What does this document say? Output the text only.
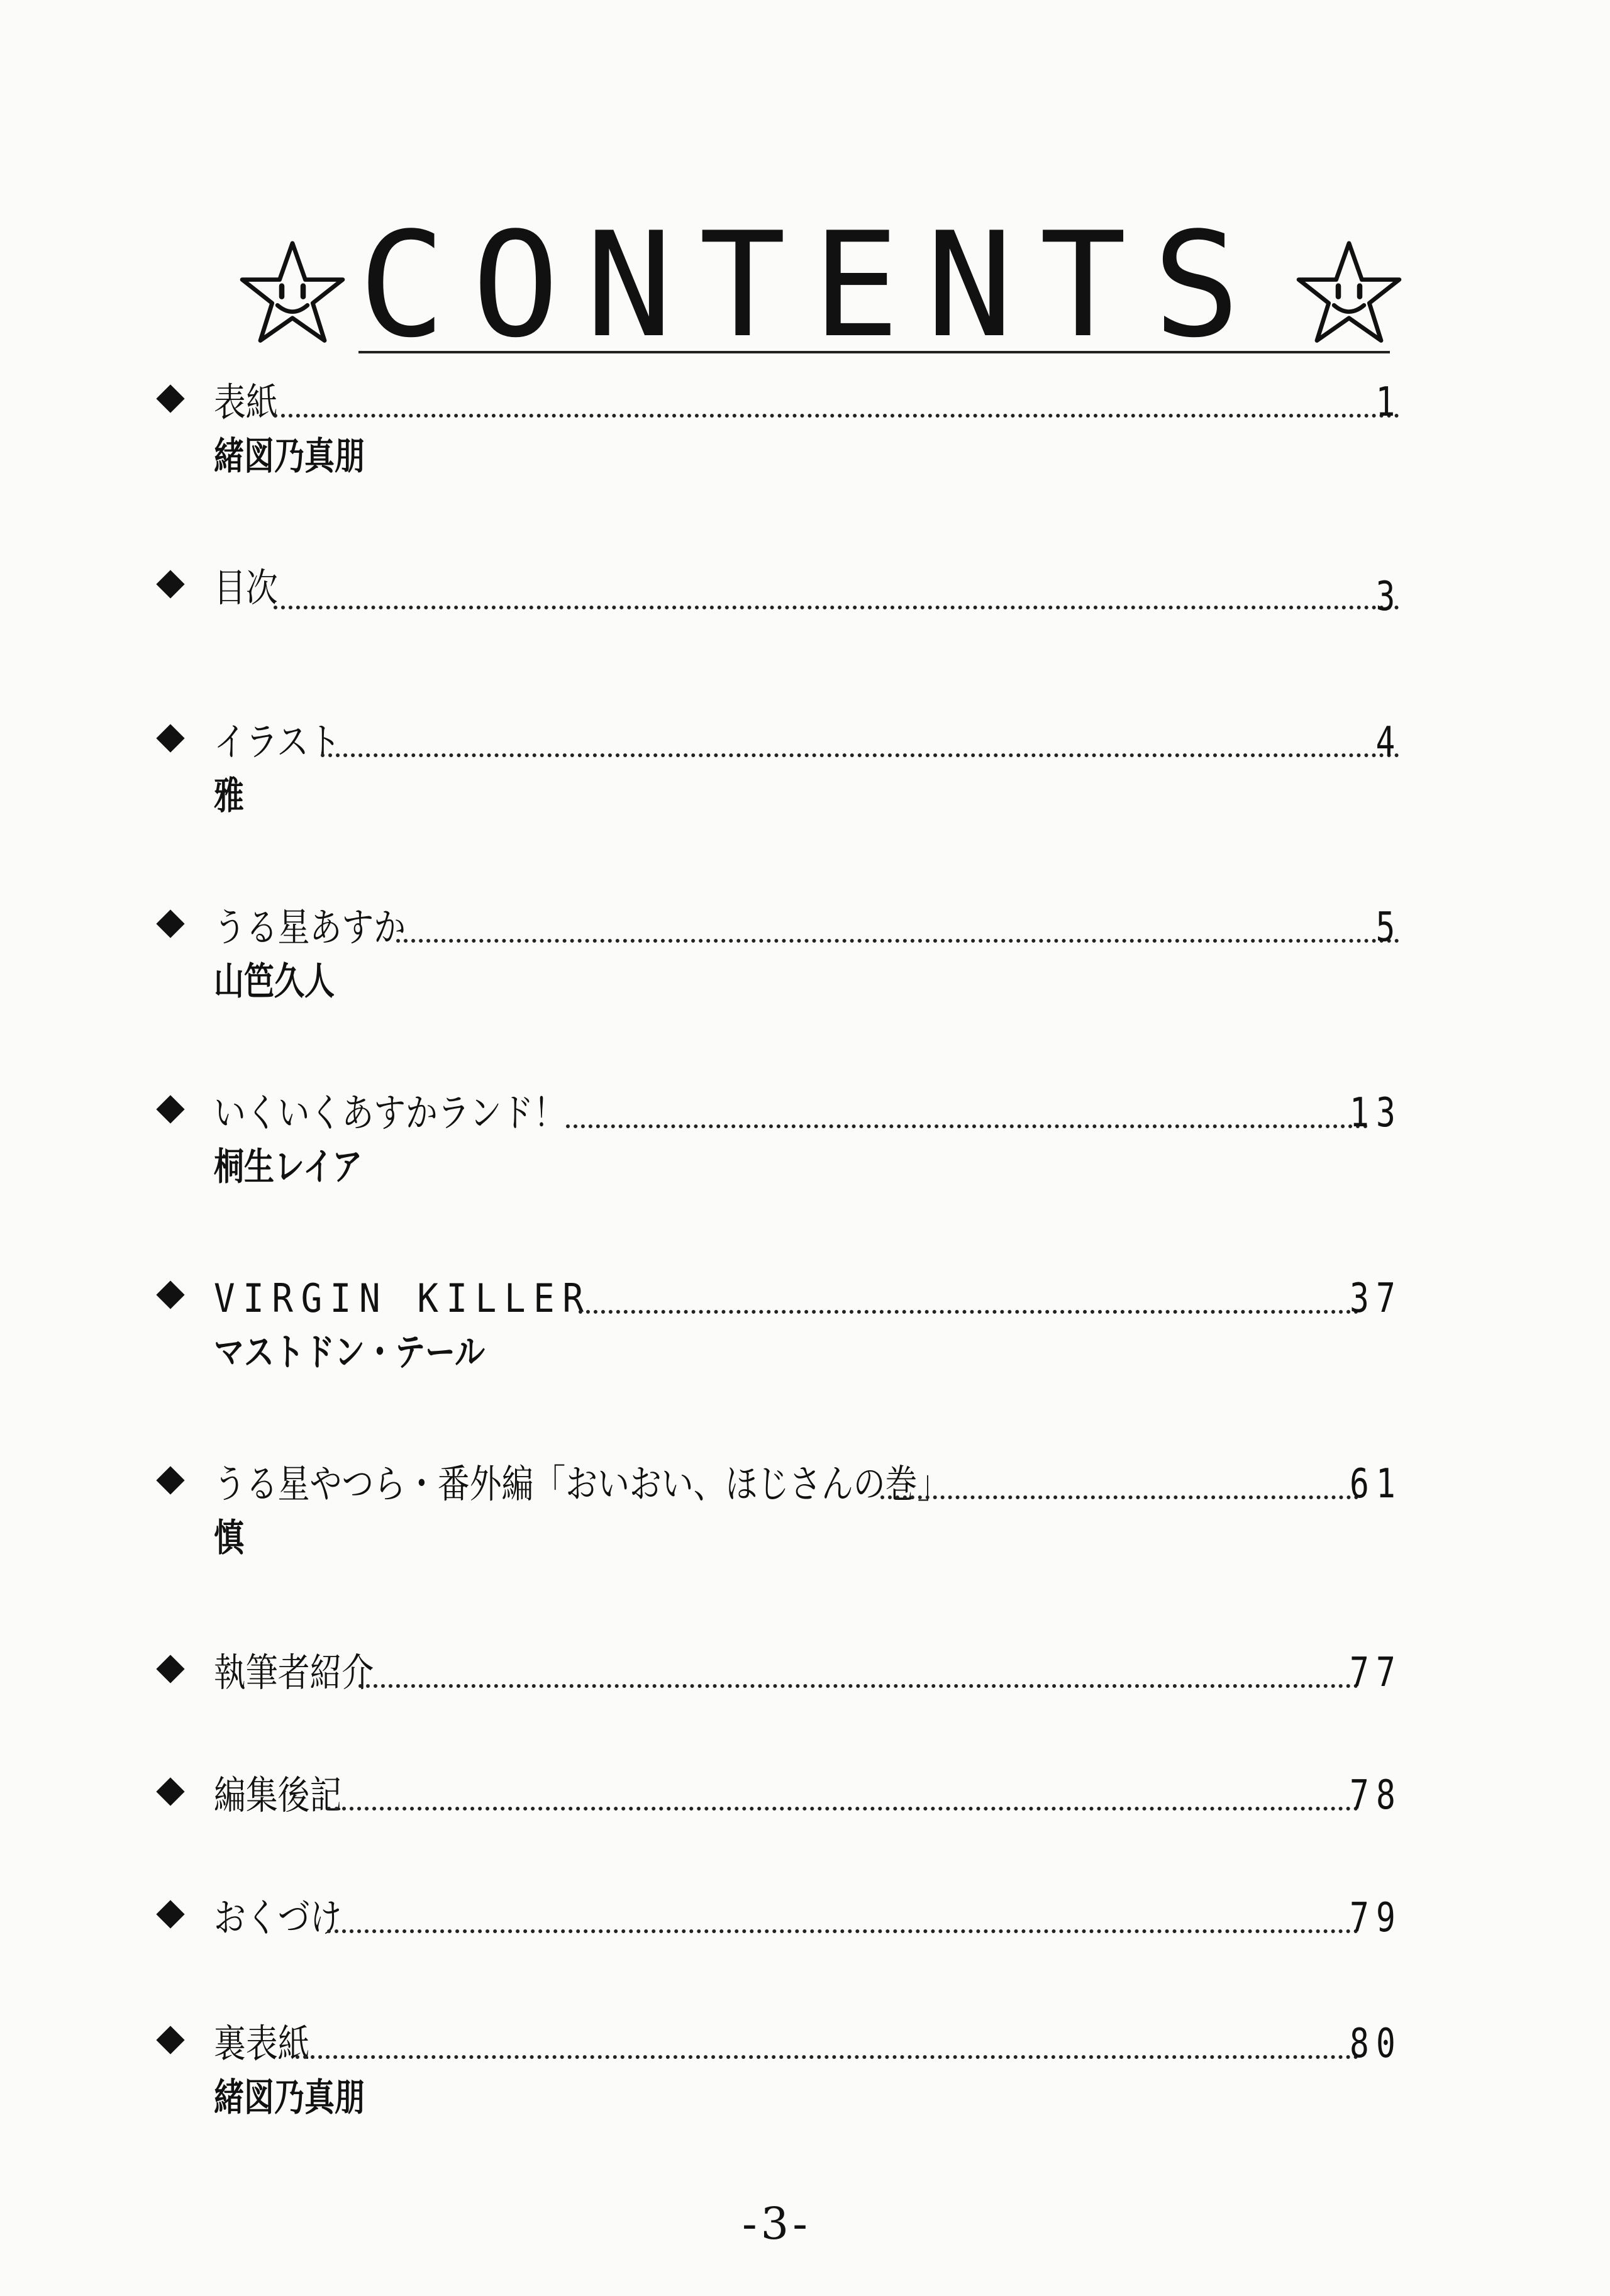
CONTENTS
表紙	1
緒図乃真朋
目次	3
イラスト	4
雅
うる星あすか	5
山笆久人
いくいくあすかランド！	13
桐生レイア
VIRGIN KILLER	37
マストドン・テール
うる星やつら・番外編「おいおい、ほじさんの巻」	61
慎
執筆者紹介	77
編集後記	78
おくづけ	79
裏表紙	80
緒図乃真朋
-3-
